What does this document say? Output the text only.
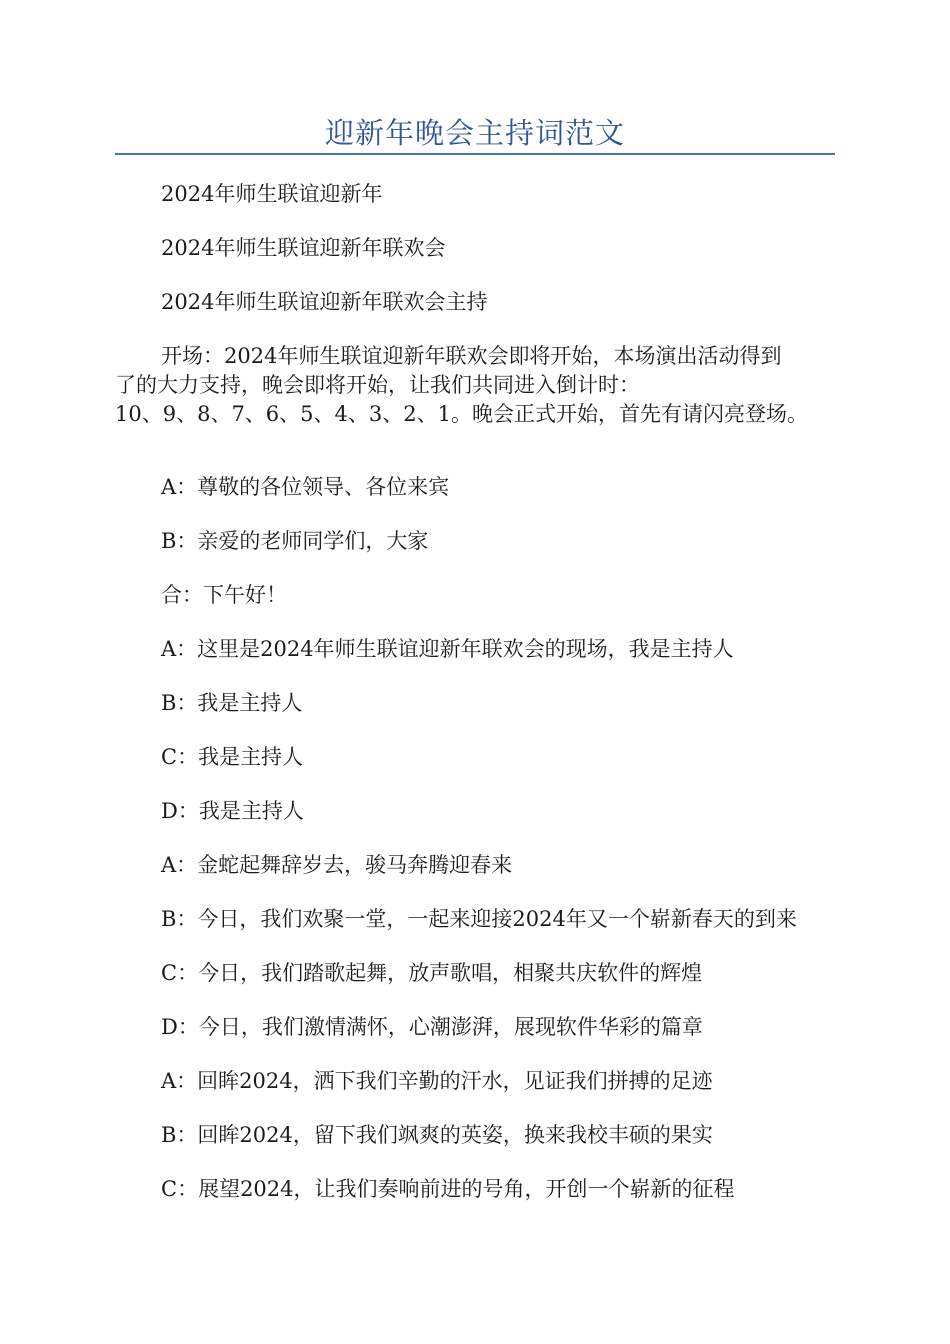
迎新年晚会主持词范文
2024年师生联谊迎新年
2024年师生联谊迎新年联欢会
2024年师生联谊迎新年联欢会主持
开场：2024年师生联谊迎新年联欢会即将开始，本场演出活动得到
了的大力支持，晚会即将开始，让我们共同进入倒计时：
10、9、8、7、6、5、4、3、2、1。晚会正式开始，首先有请闪亮登场。
A：尊敬的各位领导、各位来宾
B：亲爱的老师同学们，大家
合：下午好！
A：这里是2024年师生联谊迎新年联欢会的现场，我是主持人
B：我是主持人
C：我是主持人
D：我是主持人
A：金蛇起舞辞岁去，骏马奔腾迎春来
B：今日，我们欢聚一堂，一起来迎接2024年又一个崭新春天的到来
C：今日，我们踏歌起舞，放声歌唱，相聚共庆软件的辉煌
D：今日，我们激情满怀，心潮澎湃，展现软件华彩的篇章
A：回眸2024，洒下我们辛勤的汗水，见证我们拼搏的足迹
B：回眸2024，留下我们飒爽的英姿，换来我校丰硕的果实
C：展望2024，让我们奏响前进的号角，开创一个崭新的征程
